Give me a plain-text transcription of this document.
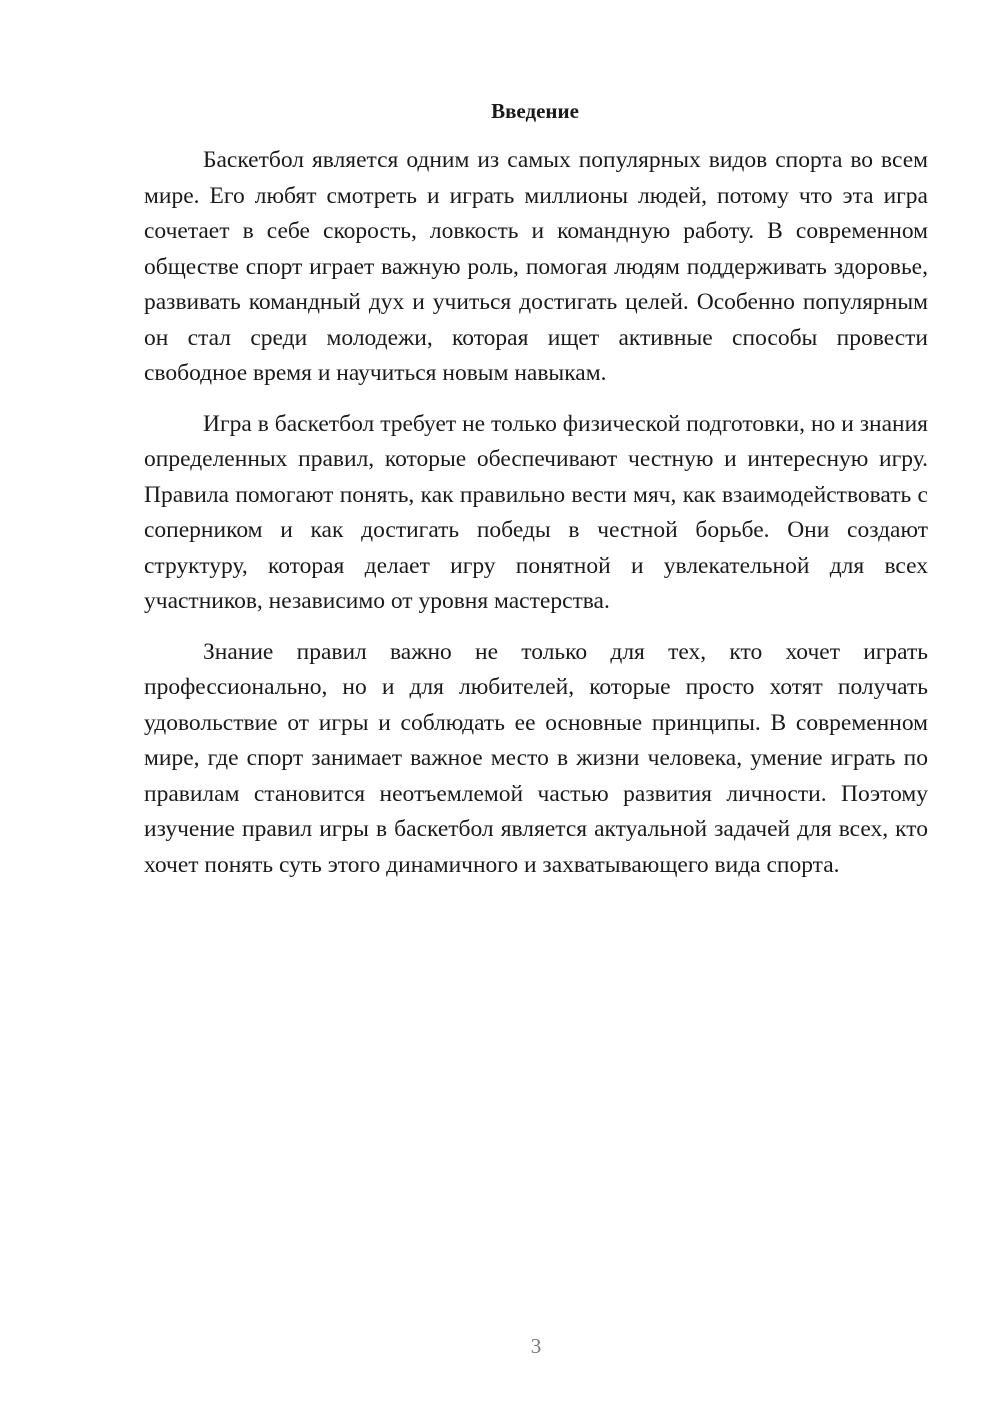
Введение

Баскетбол является одним из самых популярных видов спорта во всем мире. Его любят смотреть и играть миллионы людей, потому что эта игра сочетает в себе скорость, ловкость и командную работу. В современном обществе спорт играет важную роль, помогая людям поддерживать здоровье, развивать командный дух и учиться достигать целей. Особенно популярным он стал среди молодежи, которая ищет активные способы провести свободное время и научиться новым навыкам.

Игра в баскетбол требует не только физической подготовки, но и знания определенных правил, которые обеспечивают честную и интересную игру. Правила помогают понять, как правильно вести мяч, как взаимодействовать с соперником и как достигать победы в честной борьбе. Они создают структуру, которая делает игру понятной и увлекательной для всех участников, независимо от уровня мастерства.

Знание правил важно не только для тех, кто хочет играть профессионально, но и для любителей, которые просто хотят получать удовольствие от игры и соблюдать ее основные принципы. В современном мире, где спорт занимает важное место в жизни человека, умение играть по правилам становится неотъемлемой частью развития личности. Поэтому изучение правил игры в баскетбол является актуальной задачей для всех, кто хочет понять суть этого динамичного и захватывающего вида спорта.

3
